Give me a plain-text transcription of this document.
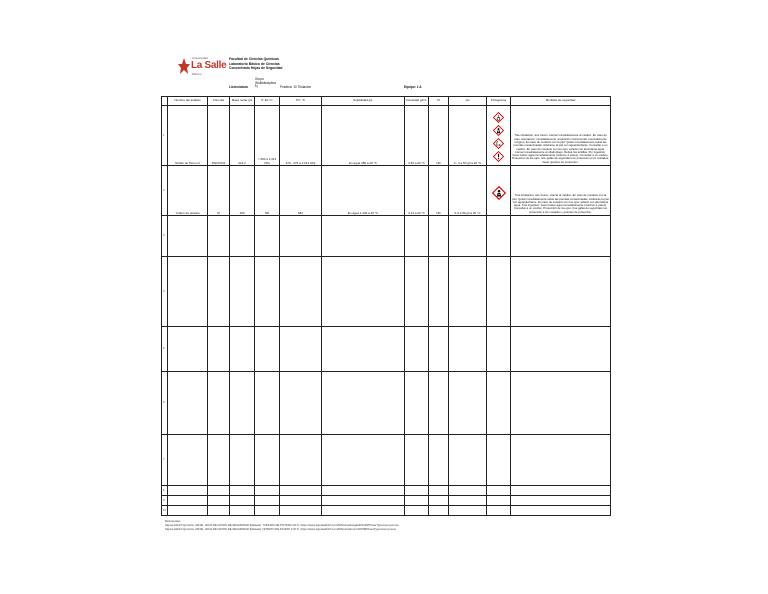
Universidad
La Salle
México
Facultad de Ciencias Químicas
Laboratorio Básico de Ciencias
Concentrado Hojas de Seguridad
Licenciatura
Grupo
(Multidisciplina s)	Práctica: 10 Titulación	Equipo: 1 A
	Nombre del análisis	Fórmula	Masa molar g/s	P. Eb °C	P.F. °C	Solubilidad g/L	Densidad g/mL	Kf	pH	Pictograma	Medidas de seguridad
1	Nitrato de Plomo II	Pb(NO3)2	331.2	> 500 a 1.013 hPa	470 - 476 a 1.013 hPa	En agua 486 a 20 °C	4,53 a 20 °C	ND	3 - 4 a 50 g/l a 20 °C		Tras inhalación: aire fresco. Llamar inmediatamente al médico. En caso de paro respiratorio: inmediatamente respiración instrumental, eventualmente oxígeno. En caso de contacto con la piel: Quitar inmediatamente todas las prendas contaminadas. Aclararse la piel con agua/ducharse. Consultar a un médico. En caso de contacto con los ojos: aclarar con abundante agua. Llamar inmediatamente al oftalmólogo. Retirar las lentillas. Por ingestión: hacer beber agua inmediatamente (máximo 2 vasos). Consultar a un médico. Protección de los ojos: Use gafas de seguridad con protección a los costados; llevar guantes de protección.
2	Yoduro de potasio	KI	166	ND	681	En agua 1.430 a 20 °C	3.13 a 20 °C	ND	6-9 a 50 g/l a 20 °C		Tras inhalación: aire fresco. Llamar al médico. En caso de contacto con la piel: Quitar inmediatamente todas las prendas contaminadas. Aclararse la piel con agua/ducharse. En caso de contacto con los ojos: aclarar con abundante agua. Tras ingestión: hacer beber agua inmediatamente (máximo 2 vasos). Consultar a un médico. Protección de los ojos: Use gafas de seguridad con protección a los costados y guantes de protección.
3											
4											
5											
6											
7											
8											
9											
10											
Referencias:
Sigma-Aldrich Química. (2016). HOJA DE DATOS DE SEGURIDAD [Dataset]. YODURO DE POTASIO (8-7). https://www.sigmaaldrich.com/MX/es/sds/sigald/221945?userType=anonymous
Sigma-Aldrich Química. (2016). HOJA DE DATOS DE SEGURIDAD [Dataset]. NITRATO DE PLOMO II (8-7). https://www.sigmaaldrich.com/MX/es/sds/mm/107398?userType=anonymous
